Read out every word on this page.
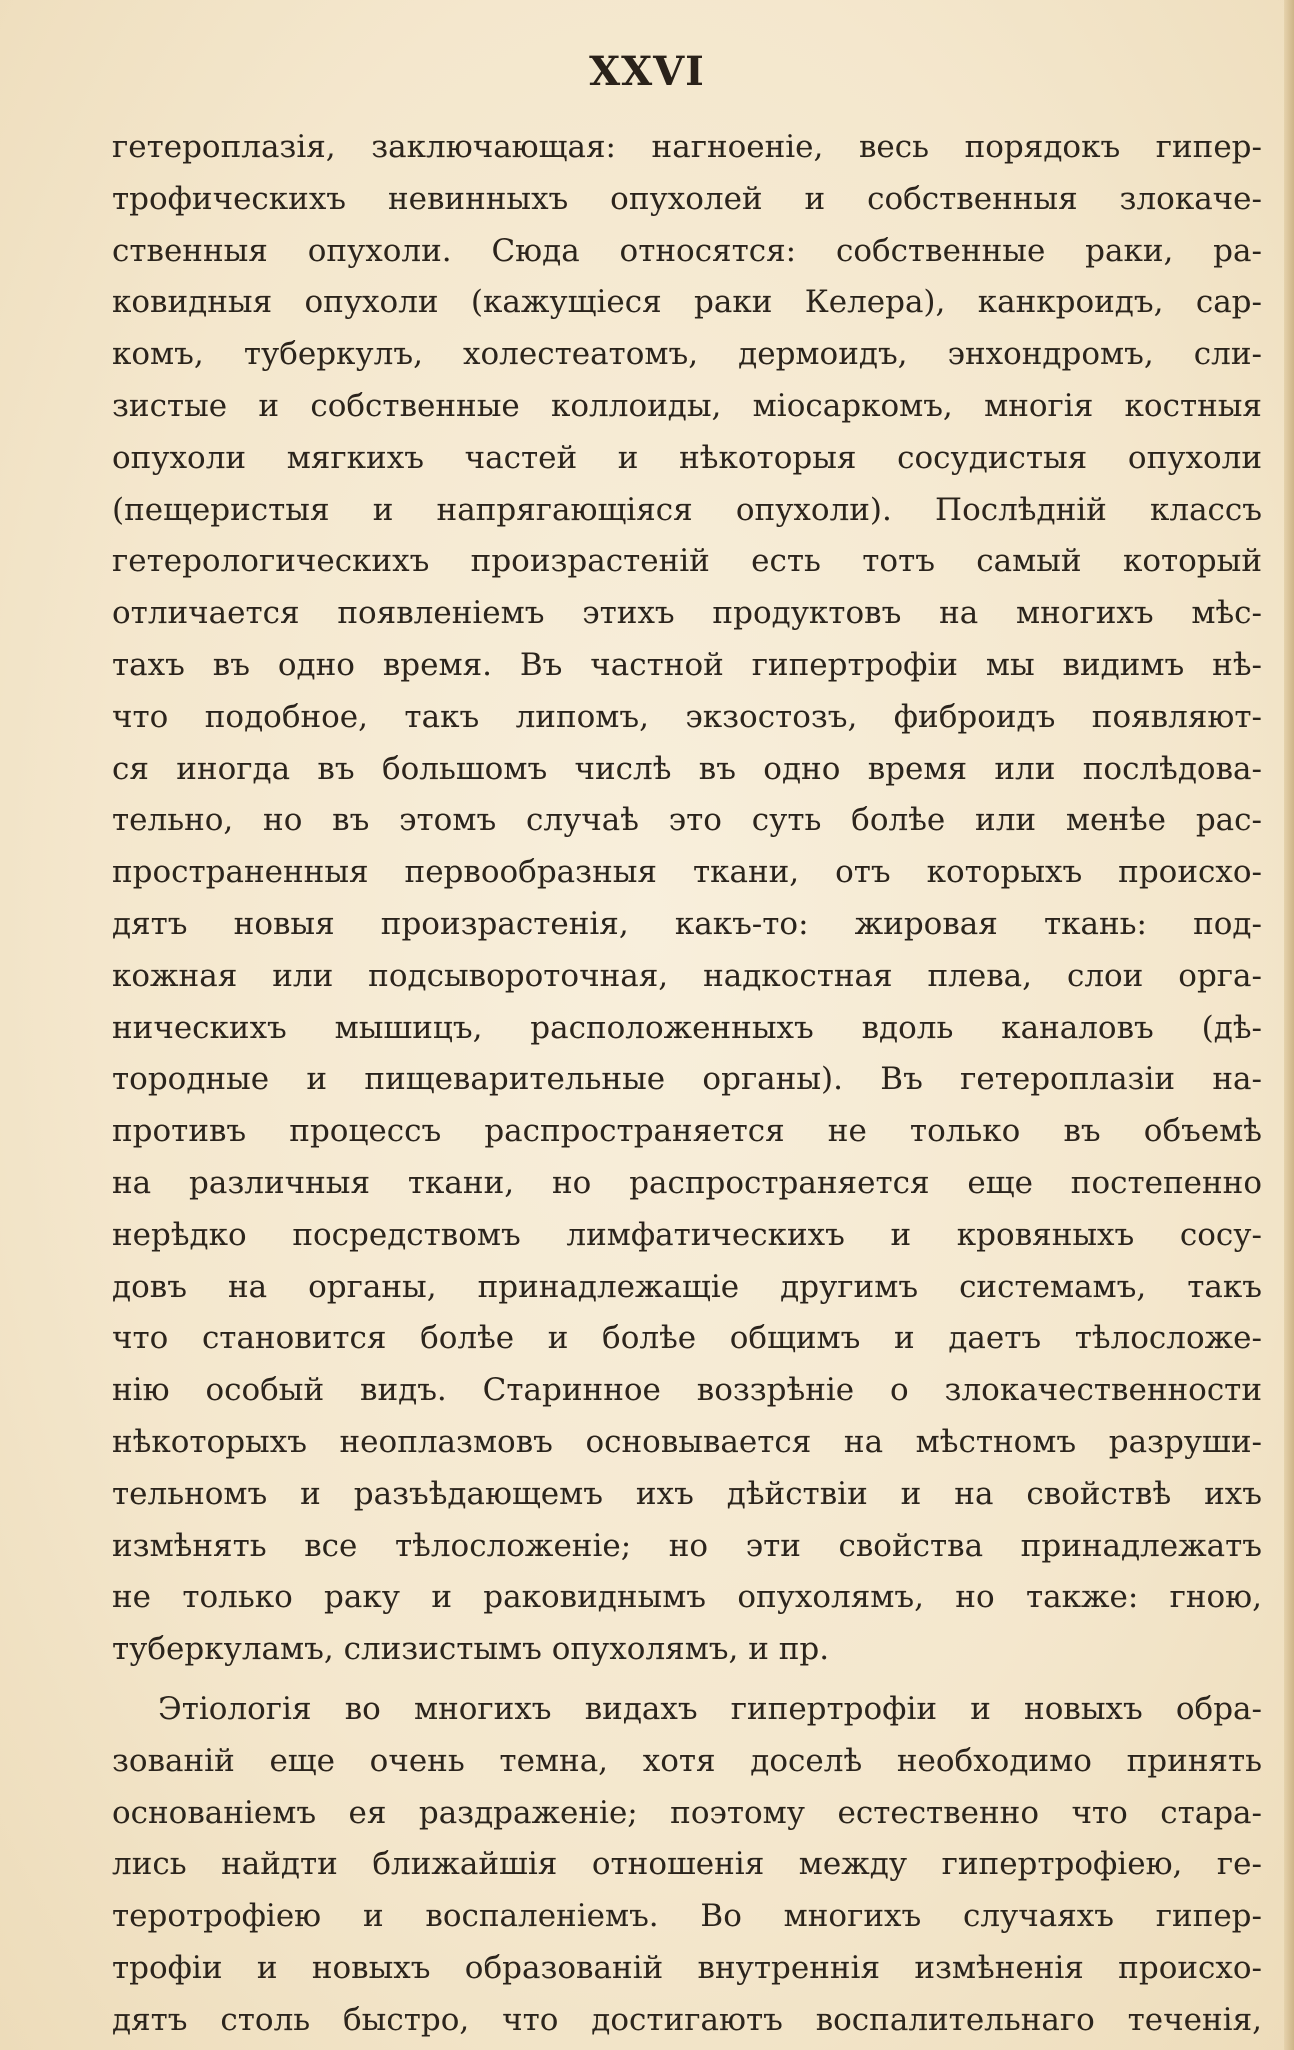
XXVI
гетероплазія, заключающая: нагноеніе, весь порядокъ гипер-
трофическихъ невинныхъ опухолей и собственныя злокаче-
ственныя опухоли. Сюда относятся: собственные раки, ра-
ковидныя опухоли (кажущіеся раки Келера), канкроидъ, сар-
комъ, туберкулъ, холестеатомъ, дермоидъ, энхондромъ, сли-
зистые и собственные коллоиды, міосаркомъ, многія костныя
опухоли мягкихъ частей и нѣкоторыя сосудистыя опухоли
(пещеристыя и напрягающіяся опухоли). Послѣдній классъ
гетерологическихъ произрастеній есть тотъ самый который
отличается появленіемъ этихъ продуктовъ на многихъ мѣс-
тахъ въ одно время. Въ частной гипертрофіи мы видимъ нѣ-
что подобное, такъ липомъ, экзостозъ, фиброидъ появляют-
ся иногда въ большомъ числѣ въ одно время или послѣдова-
тельно, но въ этомъ случаѣ это суть болѣе или менѣе рас-
пространенныя первообразныя ткани, отъ которыхъ происхо-
дятъ новыя произрастенія, какъ-то: жировая ткань: под-
кожная или подсывороточная, надкостная плева, слои орга-
ническихъ мышицъ, расположенныхъ вдоль каналовъ (дѣ-
тородные и пищеварительные органы). Въ гетероплазіи на-
противъ процессъ распространяется не только въ объемѣ
на различныя ткани, но распространяется еще постепенно
нерѣдко посредствомъ лимфатическихъ и кровяныхъ сосу-
довъ на органы, принадлежащіе другимъ системамъ, такъ
что становится болѣе и болѣе общимъ и даетъ тѣлосложе-
нію особый видъ. Старинное воззрѣніе о злокачественности
нѣкоторыхъ неоплазмовъ основывается на мѣстномъ разруши-
тельномъ и разъѣдающемъ ихъ дѣйствіи и на свойствѣ ихъ
измѣнять все тѣлосложеніе; но эти свойства принадлежатъ
не только раку и раковиднымъ опухолямъ, но также: гною,
туберкуламъ, слизистымъ опухолямъ, и пр.
Этіологія во многихъ видахъ гипертрофіи и новыхъ обра-
зованій еще очень темна, хотя доселѣ необходимо принять
основаніемъ ея раздраженіе; поэтому естественно что стара-
лись найдти ближайшія отношенія между гипертрофіею, ге-
теротрофіею и воспаленіемъ. Во многихъ случаяхъ гипер-
трофіи и новыхъ образованій внутреннія измѣненія происхо-
дятъ столь быстро, что достигаютъ воспалительнаго теченія,
